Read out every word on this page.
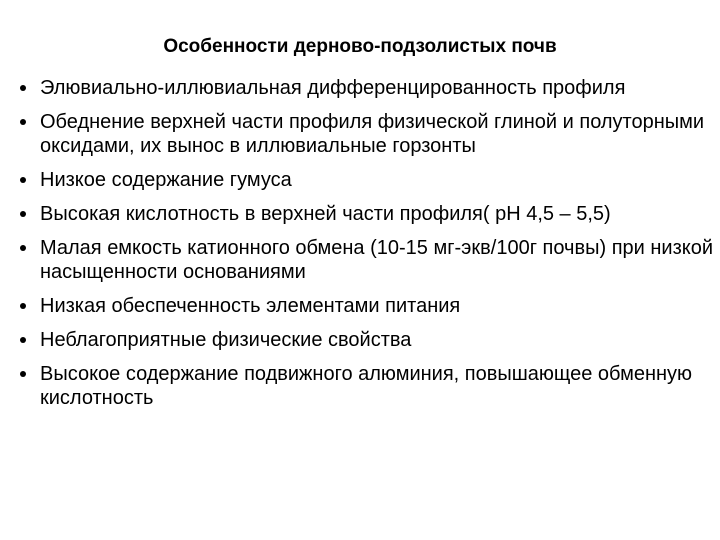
Особенности дерново-подзолистых почв
Элювиально-иллювиальная дифференцированность профиля
Обеднение верхней части профиля физической глиной и полуторными оксидами, их вынос в иллювиальные горзонты
Низкое содержание гумуса
Высокая кислотность в верхней части профиля( рН 4,5 – 5,5)
Малая емкость катионного обмена (10-15 мг-экв/100г почвы) при низкой насыщенности основаниями
Низкая обеспеченность элементами питания
Неблагоприятные физические свойства
Высокое содержание подвижного алюминия, повышающее обменную кислотность
